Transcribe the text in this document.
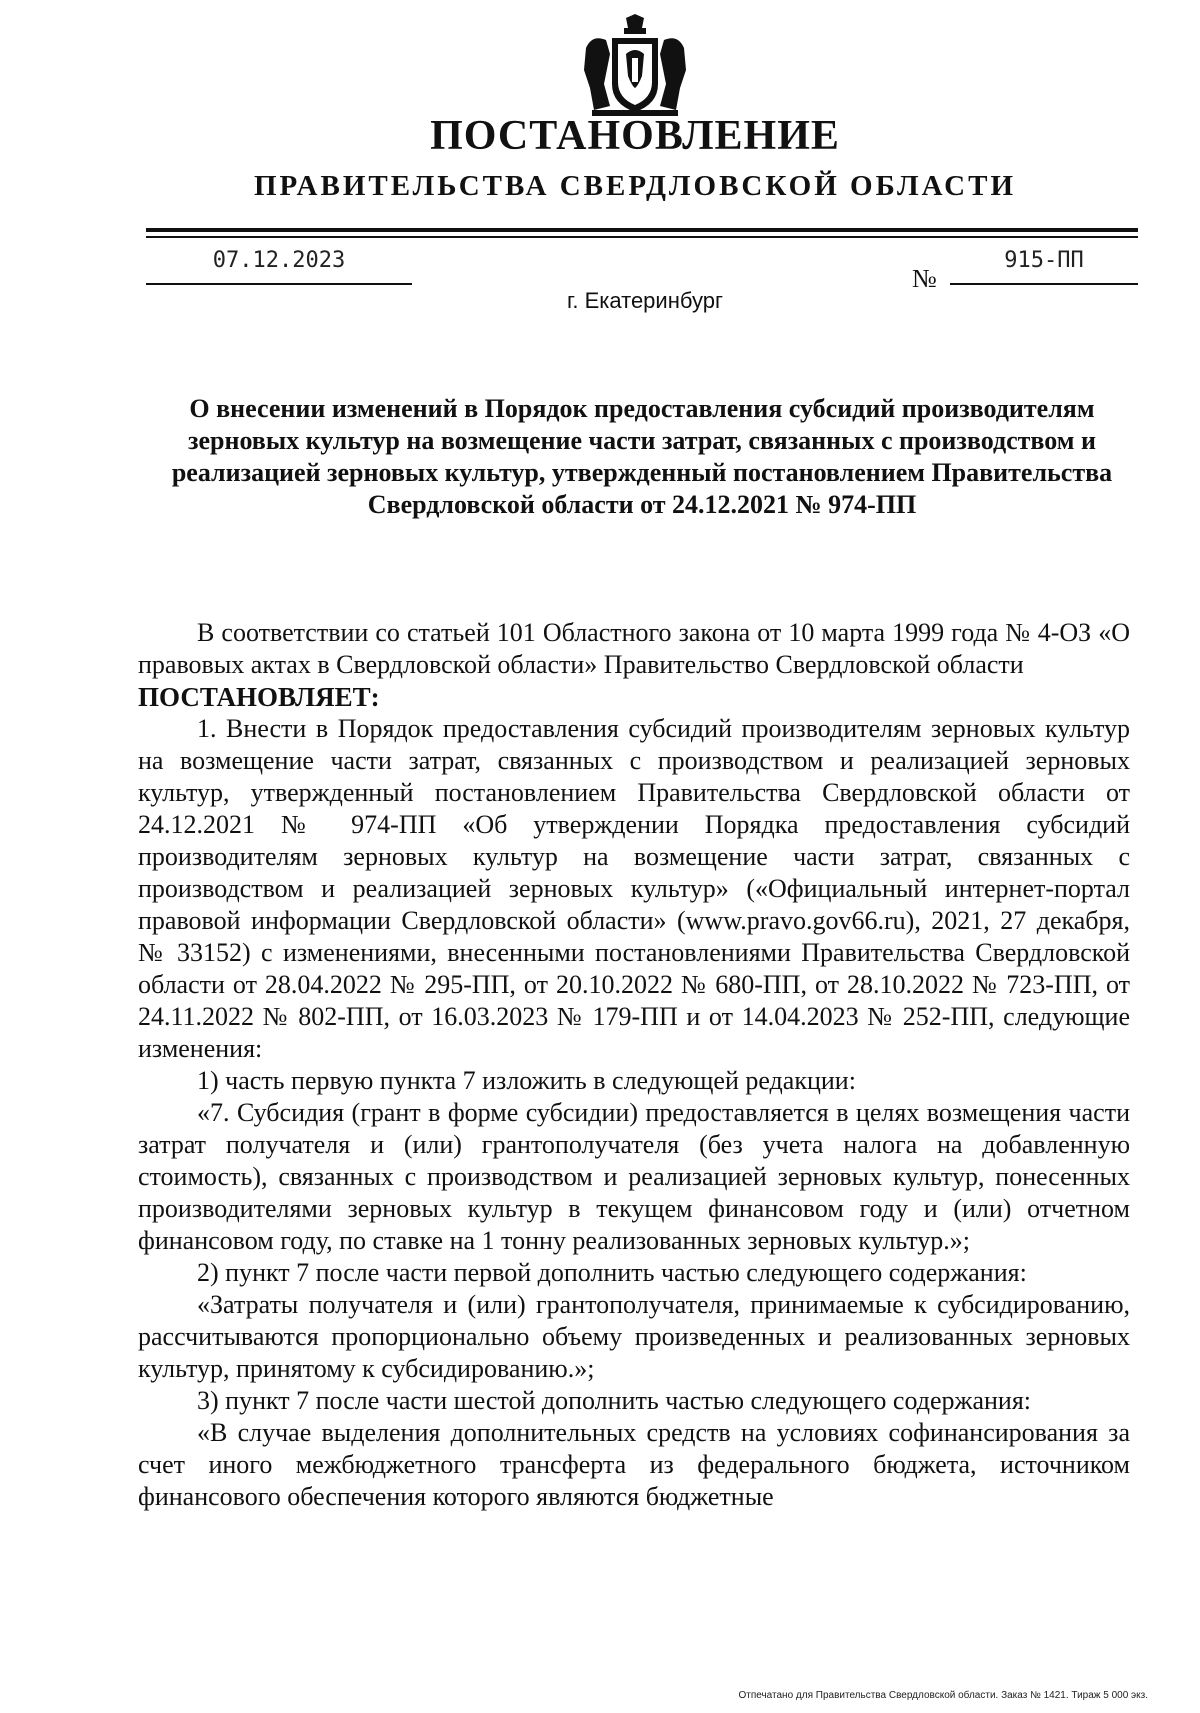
ПОСТАНОВЛЕНИЕ
ПРАВИТЕЛЬСТВА СВЕРДЛОВСКОЙ ОБЛАСТИ
07.12.2023
№
915-ПП
г. Екатеринбург
О внесении изменений в Порядок предоставления субсидий производителям зерновых культур на возмещение части затрат, связанных с производством и реализацией зерновых культур, утвержденный постановлением Правительства Свердловской области от 24.12.2021 № 974-ПП

В соответствии со статьей 101 Областного закона от 10 марта 1999 года № 4-ОЗ «О правовых актах в Свердловской области» Правительство Свердловской области

ПОСТАНОВЛЯЕТ:

1. Внести в Порядок предоставления субсидий производителям зерновых культур на возмещение части затрат, связанных с производством и реализацией зерновых культур, утвержденный постановлением Правительства Свердловской области от 24.12.2021 № 974-ПП «Об утверждении Порядка предоставления субсидий производителям зерновых культур на возмещение части затрат, связанных с производством и реализацией зерновых культур» («Официальный интернет-портал правовой информации Свердловской области» (www.pravo.gov66.ru), 2021, 27 декабря, № 33152) с изменениями, внесенными постановлениями Правительства Свердловской области от 28.04.2022 № 295-ПП, от 20.10.2022 № 680-ПП, от 28.10.2022 № 723-ПП, от 24.11.2022 № 802-ПП, от 16.03.2023 № 179-ПП и от 14.04.2023 № 252-ПП, следующие изменения:

1) часть первую пункта 7 изложить в следующей редакции:

«7. Субсидия (грант в форме субсидии) предоставляется в целях возмещения части затрат получателя и (или) грантополучателя (без учета налога на добавленную стоимость), связанных с производством и реализацией зерновых культур, понесенных производителями зерновых культур в текущем финансовом году и (или) отчетном финансовом году, по ставке на 1 тонну реализованных зерновых культур.»;

2) пункт 7 после части первой дополнить частью следующего содержания:

«Затраты получателя и (или) грантополучателя, принимаемые к субсидированию, рассчитываются пропорционально объему произведенных и реализованных зерновых культур, принятому к субсидированию.»;

3) пункт 7 после части шестой дополнить частью следующего содержания:

«В случае выделения дополнительных средств на условиях софинансирования за счет иного межбюджетного трансферта из федерального бюджета, источником финансового обеспечения которого являются бюджетные

Отпечатано для Правительства Свердловской области. Заказ № 1421. Тираж 5 000 экз.
